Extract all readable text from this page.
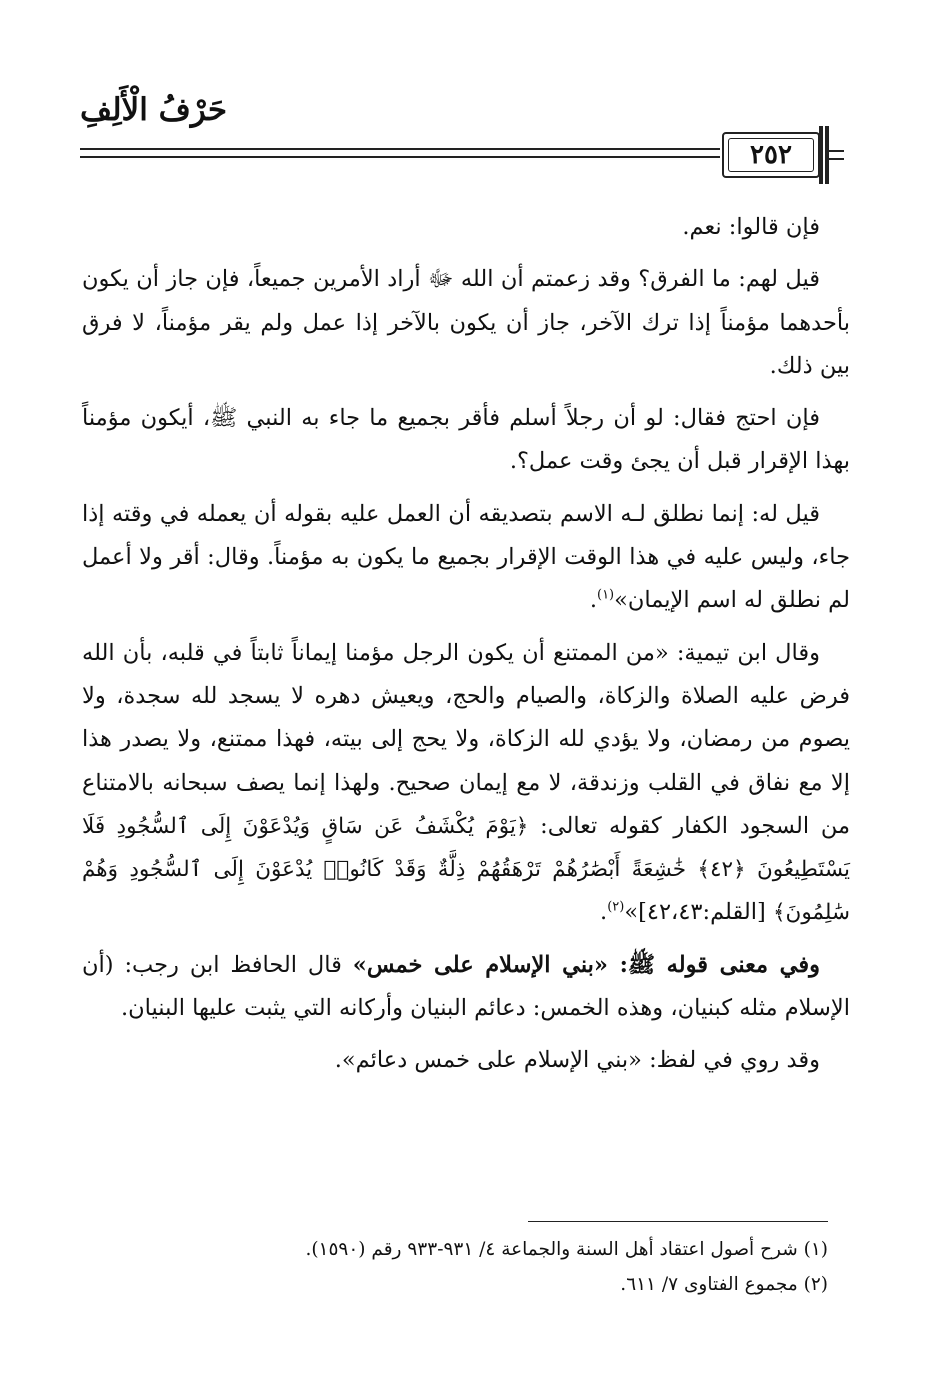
حَرْفُ الْأَلِفِ
٢٥٢

فإن قالوا: نعم.

قيل لهم: ما الفرق؟ وقد زعمتم أن الله ﷻ أراد الأمرين جميعاً، فإن جاز أن يكون بأحدهما مؤمناً إذا ترك الآخر، جاز أن يكون بالآخر إذا عمل ولم يقر مؤمناً، لا فرق بين ذلك.

فإن احتج فقال: لو أن رجلاً أسلم فأقر بجميع ما جاء به النبي ﷺ، أيكون مؤمناً بهذا الإقرار قبل أن يجئ وقت عمل؟.

قيل له: إنما نطلق لـه الاسم بتصديقه أن العمل عليه بقوله أن يعمله في وقته إذا جاء، وليس عليه في هذا الوقت الإقرار بجميع ما يكون به مؤمناً. وقال: أقر ولا أعمل لم نطلق له اسم الإيمان»$^{(١)}$.

وقال ابن تيمية: «من الممتنع أن يكون الرجل مؤمنا إيماناً ثابتاً في قلبه، بأن الله فرض عليه الصلاة والزكاة، والصيام والحج، ويعيش دهره لا يسجد لله سجدة، ولا يصوم من رمضان، ولا يؤدي لله الزكاة، ولا يحج إلى بيته، فهذا ممتنع، ولا يصدر هذا إلا مع نفاق في القلب وزندقة، لا مع إيمان صحيح. ولهذا إنما يصف سبحانه بالامتناع من السجود الكفار كقوله تعالى: ﴿يَوْمَ يُكْشَفُ عَن سَاقٍ وَيُدْعَوْنَ إِلَى ٱلسُّجُودِ فَلَا يَسْتَطِيعُونَ ﴿٤٢﴾ خَٰشِعَةً أَبْصَٰرُهُمْ تَرْهَقُهُمْ ذِلَّةٌ وَقَدْ كَانُوا۟ يُدْعَوْنَ إِلَى ٱلسُّجُودِ وَهُمْ سَٰلِمُونَ﴾ [القلم:٤٢،٤٣]»$^{(٢)}$.

وفي معنى قوله ﷺ: «بني الإسلام على خمس» قال الحافظ ابن رجب: (أن الإسلام مثله كبنيان، وهذه الخمس: دعائم البنيان وأركانه التي يثبت عليها البنيان.

وقد روي في لفظ: «بني الإسلام على خمس دعائم».

(١) شرح أصول اعتقاد أهل السنة والجماعة ٤/ ٩٣١-٩٣٣ رقم (١٥٩٠).

(٢) مجموع الفتاوى ٧/ ٦١١.
